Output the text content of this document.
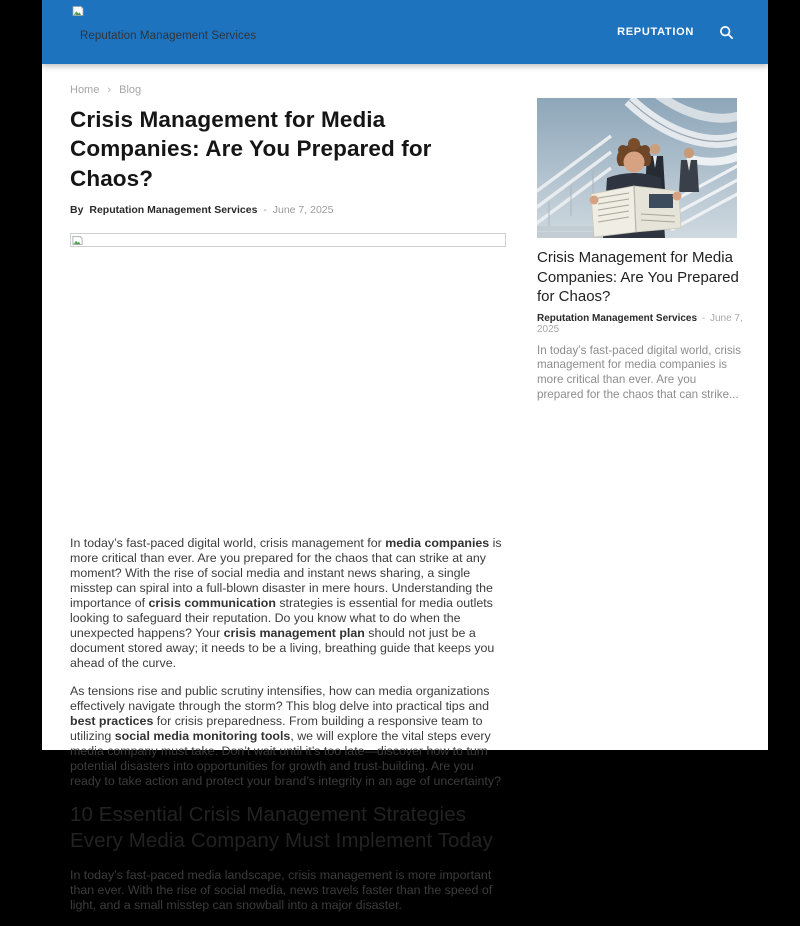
Reputation Management Services	REPUTATION
Home › Blog
Crisis Management for Media Companies: Are You Prepared for Chaos?
By Reputation Management Services - June 7, 2025

In today’s fast-paced digital world, crisis management for media companies is more critical than ever. Are you prepared for the chaos that can strike at any moment? With the rise of social media and instant news sharing, a single misstep can spiral into a full-blown disaster in mere hours. Understanding the importance of crisis communication strategies is essential for media outlets looking to safeguard their reputation. Do you know what to do when the unexpected happens? Your crisis management plan should not just be a document stored away; it needs to be a living, breathing guide that keeps you ahead of the curve.

As tensions rise and public scrutiny intensifies, how can media organizations effectively navigate through the storm? This blog delve into practical tips and best practices for crisis preparedness. From building a responsive team to utilizing social media monitoring tools, we will explore the vital steps every media company must take. Don’t wait until it’s too late—discover how to turn potential disasters into opportunities for growth and trust-building. Are you ready to take action and protect your brand’s integrity in an age of uncertainty?

10 Essential Crisis Management Strategies Every Media Company Must Implement Today

In today’s fast-paced media landscape, crisis management is more important than ever. With the rise of social media, news travels faster than the speed of light, and a small misstep can snowball into a major disaster.

Crisis Management for Media Companies: Are You Prepared for Chaos?
Reputation Management Services - June 7, 2025

In today’s fast-paced digital world, crisis management for media companies is more critical than ever. Are you prepared for the chaos that can strike...
